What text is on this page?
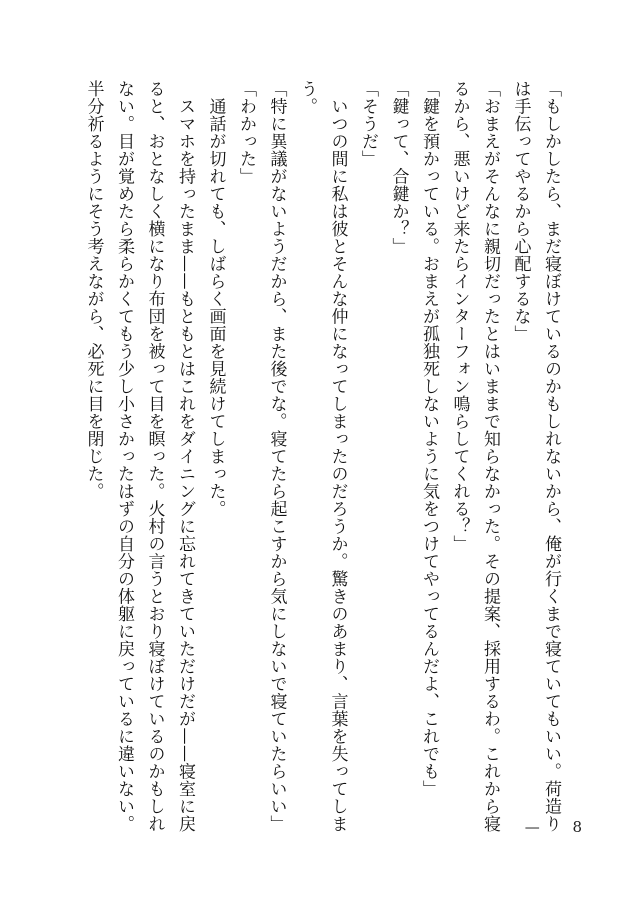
「もしかしたら、まだ寝ぼけているのかもしれないから、俺が行くまで寝ていてもいい。荷造り
は手伝ってやるから心配するな」
「おまえがそんなに親切だったとはいままで知らなかった。その提案、採用するわ。これから寝
るから、悪いけど来たらインターフォン鳴らしてくれる？」
「鍵を預かっている。おまえが孤独死しないように気をつけてやってるんだよ、これでも」
「鍵って、合鍵か？」
「そうだ」
　いつの間に私は彼とそんな仲になってしまったのだろうか。驚きのあまり、言葉を失ってしま
う。
「特に異議がないようだから、また後でな。寝てたら起こすから気にしないで寝ていたらいい」
「わかった」
　通話が切れても、しばらく画面を見続けてしまった。
　スマホを持ったまま——もともとはこれをダイニングに忘れてきていただけだが——寝室に戻
ると、おとなしく横になり布団を被って目を瞑った。火村の言うとおり寝ぼけているのかもしれ
ない。目が覚めたら柔らかくてもう少し小さかったはずの自分の体躯に戻っているに違いない。
半分祈るようにそう考えながら、必死に目を閉じた。
— 8
